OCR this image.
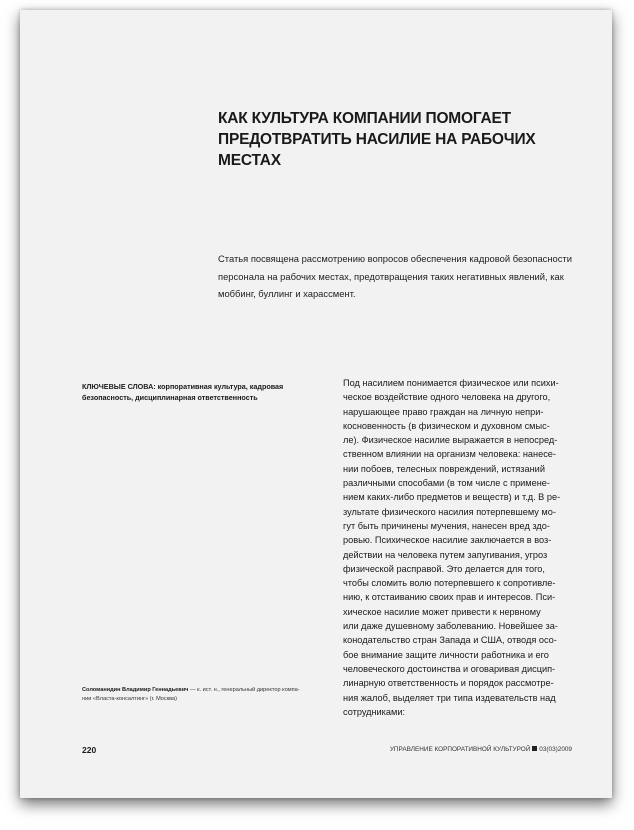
КАК КУЛЬТУРА КОМПАНИИ ПОМОГАЕТ
ПРЕДОТВРАТИТЬ НАСИЛИЕ НА РАБОЧИХ
МЕСТАХ

Статья посвящена рассмотрению вопросов обеспечения кадровой безопасности
персонала на рабочих местах, предотвращения таких негативных явлений, как
моббинг, буллинг и харассмент.

КЛЮЧЕВЫЕ СЛОВА: корпоративная культура, кадровая
безопасность, дисциплинарная ответственность

Под насилием понимается физическое или психи-
ческое воздействие одного человека на другого,
нарушающее право граждан на личную непри-
косновенность (в физическом и духовном смыс-
ле). Физическое насилие выражается в непосред-
ственном влиянии на организм человека: нанесе-
нии побоев, телесных повреждений, истязаний
различными способами (в том числе с примене-
нием каких-либо предметов и веществ) и т.д. В ре-
зультате физического насилия потерпевшему мо-
гут быть причинены мучения, нанесен вред здо-
ровью. Психическое насилие заключается в воз-
действии на человека путем запугивания, угроз
физической расправой. Это делается для того,
чтобы сломить волю потерпевшего к сопротивле-
нию, к отстаиванию своих прав и интересов. Пси-
хическое насилие может привести к нервному
или даже душевному заболеванию. Новейшее за-
конодательство стран Запада и США, отводя осо-
бое внимание защите личности работника и его
человеческого достоинства и оговаривая дисцип-
линарную ответственность и порядок рассмотре-
ния жалоб, выделяет три типа издевательств над
сотрудниками:

Соломанидин Владимир Геннадьевич — к. ист. н., генеральный директор компа-
нии «Власта-консалтинг» (г. Москва)

220	УПРАВЛЕНИЕ КОРПОРАТИВНОЙ КУЛЬТУРОЙ 03(03)2009
